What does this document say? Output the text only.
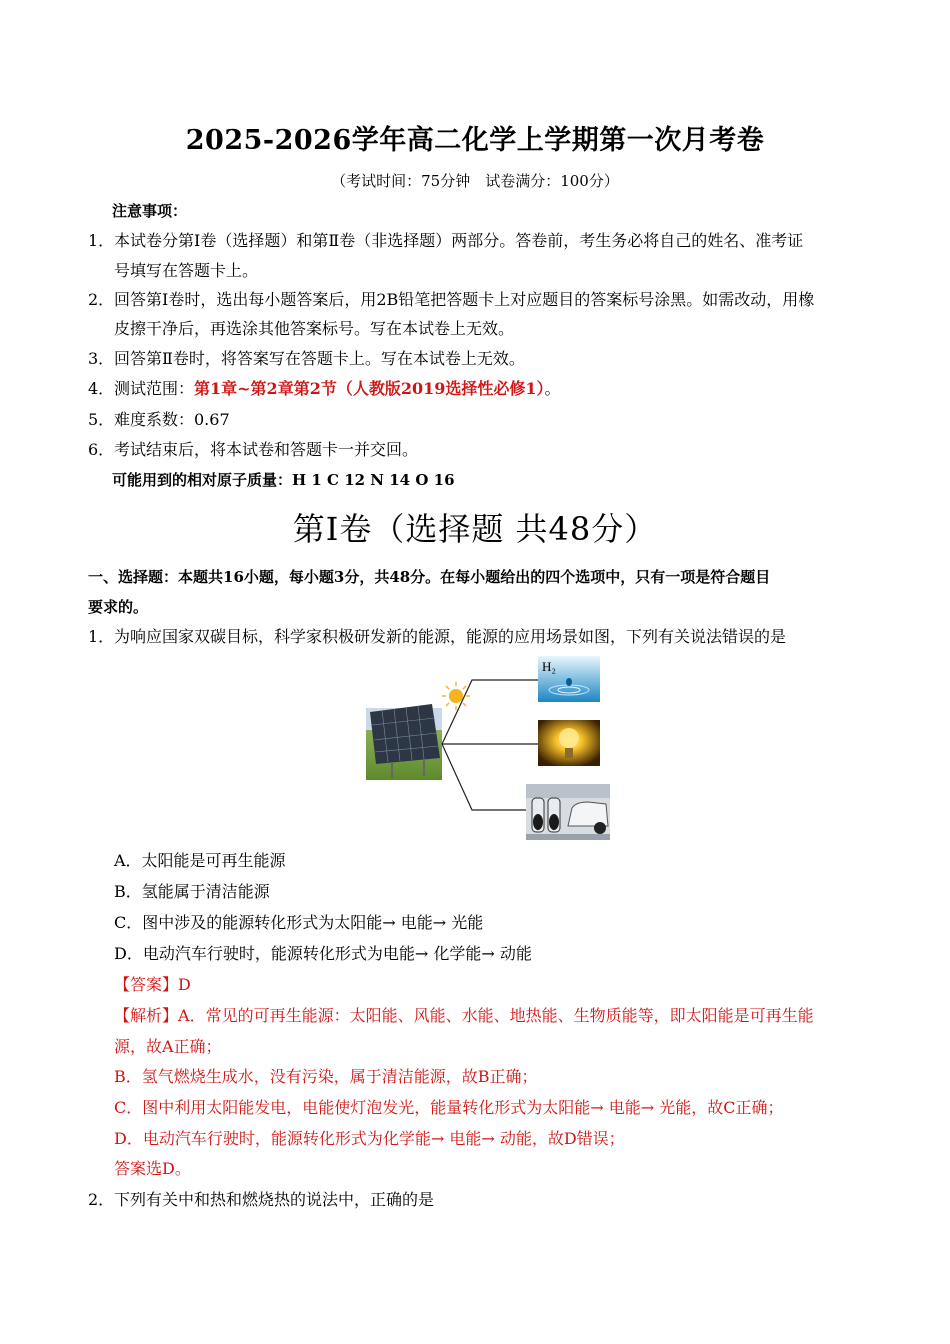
2025-2026学年高二化学上学期第一次月考卷
（考试时间：75分钟　试卷满分：100分）
注意事项：
1．本试卷分第Ⅰ卷（选择题）和第Ⅱ卷（非选择题）两部分。答卷前，考生务必将自己的姓名、准考证
号填写在答题卡上。
2．回答第Ⅰ卷时，选出每小题答案后，用2B铅笔把答题卡上对应题目的答案标号涂黑。如需改动，用橡
皮擦干净后，再选涂其他答案标号。写在本试卷上无效。
3．回答第Ⅱ卷时，将答案写在答题卡上。写在本试卷上无效。
4．测试范围：第1章~第2章第2节（人教版2019选择性必修1）。
5．难度系数：0.67
6．考试结束后，将本试卷和答题卡一并交回。
可能用到的相对原子质量：H 1 C 12 N 14 O 16
第Ⅰ卷（选择题 共48分）
一、选择题：本题共16小题，每小题3分，共48分。在每小题给出的四个选项中，只有一项是符合题目
要求的。
1．为响应国家双碳目标，科学家积极研发新的能源，能源的应用场景如图，下列有关说法错误的是
H₂
A．太阳能是可再生能源
B．氢能属于清洁能源
C．图中涉及的能源转化形式为太阳能→ 电能→ 光能
D．电动汽车行驶时，能源转化形式为电能→ 化学能→ 动能
【答案】D
【解析】A．常见的可再生能源：太阳能、风能、水能、地热能、生物质能等，即太阳能是可再生能
源，故A正确；
B．氢气燃烧生成水，没有污染，属于清洁能源，故B正确；
C．图中利用太阳能发电，电能使灯泡发光，能量转化形式为太阳能→ 电能→ 光能，故C正确；
D．电动汽车行驶时，能源转化形式为化学能→ 电能→ 动能，故D错误；
答案选D。
2．下列有关中和热和燃烧热的说法中，正确的是
